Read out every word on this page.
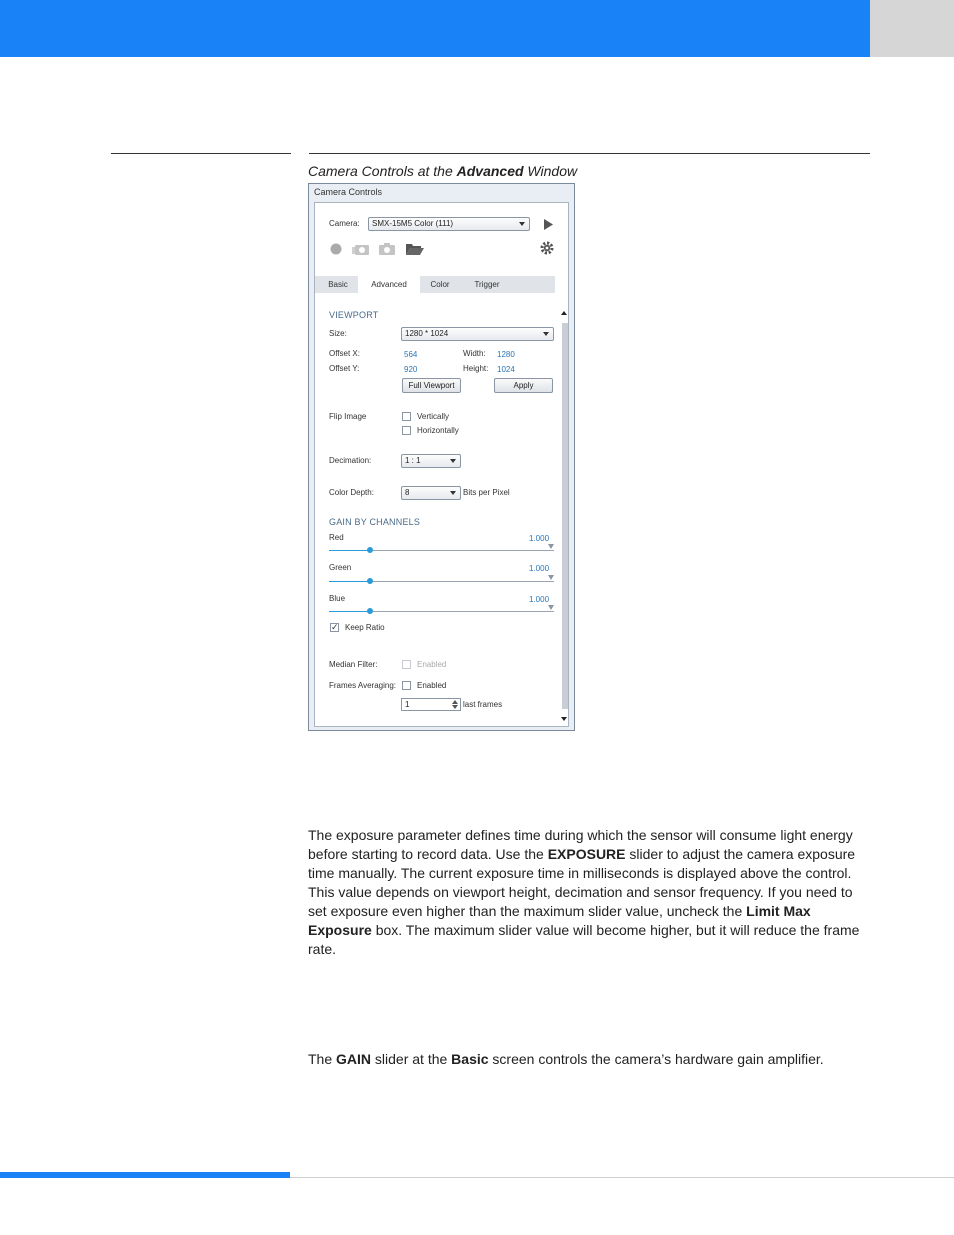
Camera Controls at the Advanced Window
Camera Controls
Camera:	SMX-15M5 Color (111)
Basic	Advanced	Color	Trigger
VIEWPORT
Size:	1280 * 1024
Offset X:	564	Width: 1280
Offset Y:	920	Height: 1024
Full Viewport	Apply
Flip Image	Vertically
Horizontally
Decimation:	1 : 1
Color Depth:	8	Bits per Pixel
GAIN BY CHANNELS
Red	1.000
Green	1.000
Blue	1.000
✓ Keep Ratio
Median Filter:	Enabled
Frames Averaging:	Enabled
1	last frames
The exposure parameter defines time during which the sensor will consume light energy before starting to record data. Use the EXPOSURE slider to adjust the camera exposure time manually. The current exposure time in milliseconds is displayed above the control. This value depends on viewport height, decimation and sensor frequency. If you need to set exposure even higher than the maximum slider value, uncheck the Limit Max Exposure box. The maximum slider value will become higher, but it will reduce the frame rate.
The GAIN slider at the Basic screen controls the camera’s hardware gain amplifier.
